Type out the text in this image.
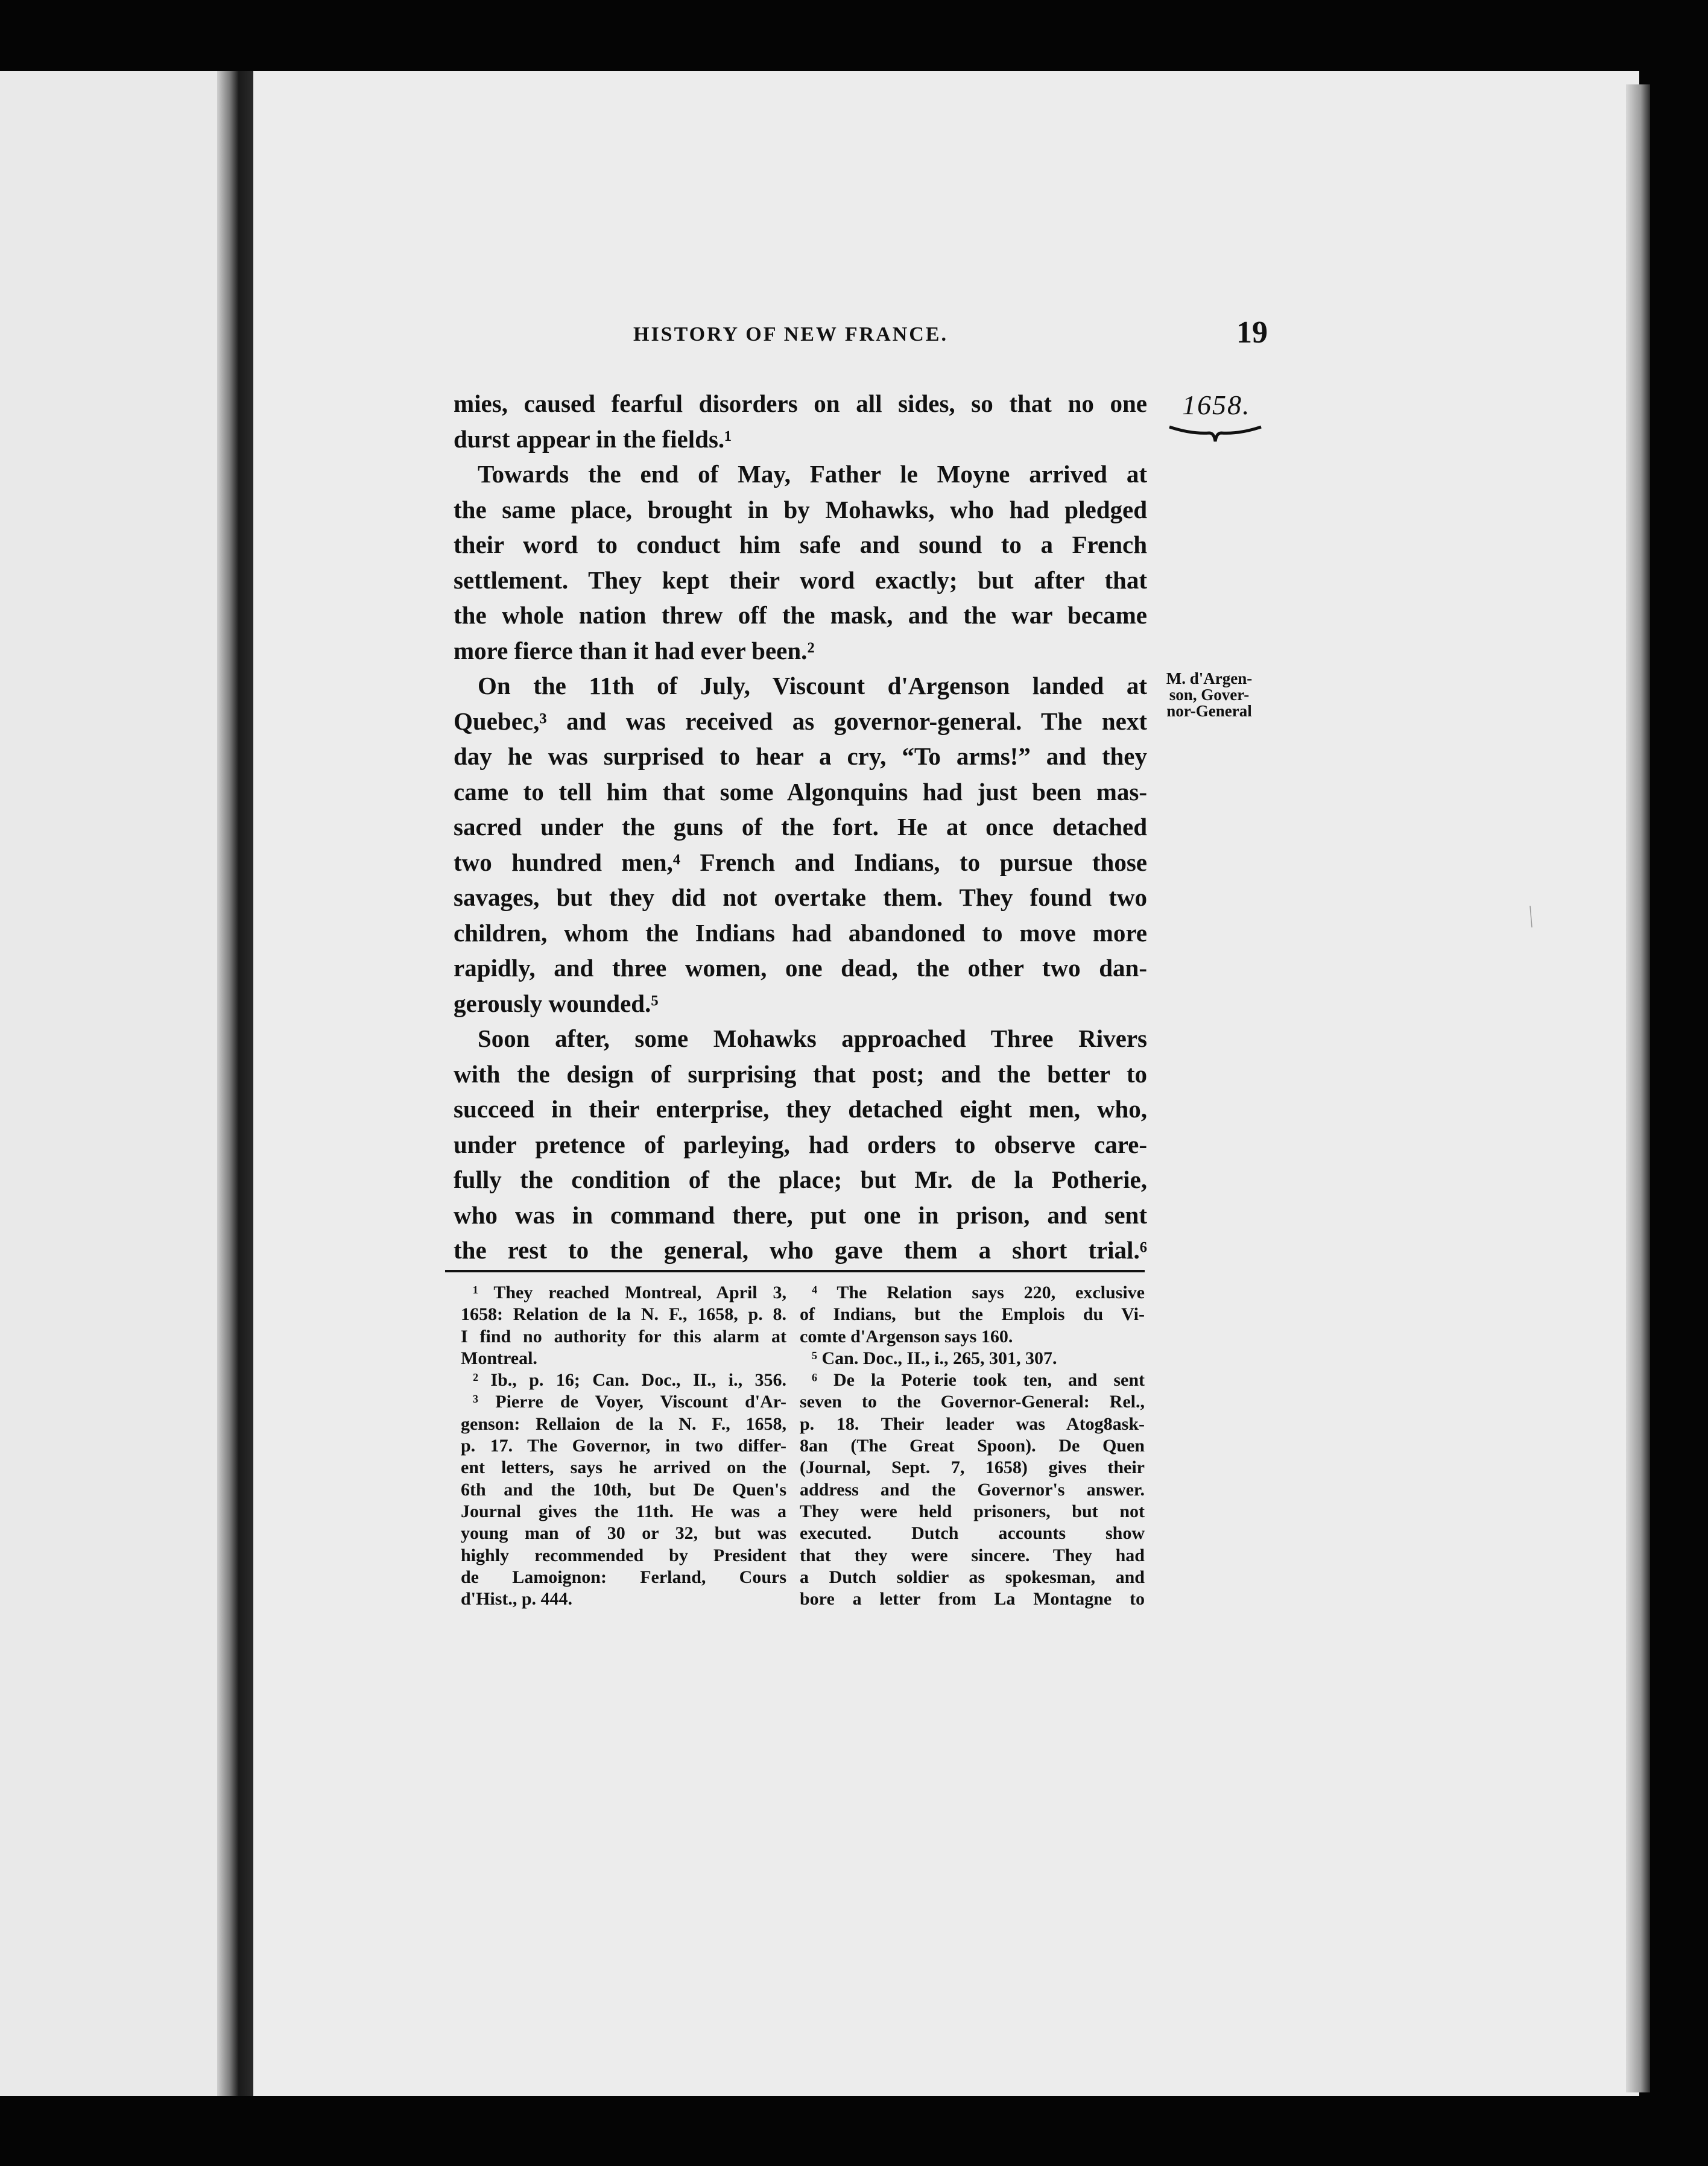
HISTORY OF NEW FRANCE.	19
1658.
M. d'Argen-
son, Gover-
nor-General
mies, caused fearful disorders on all sides, so that no one
durst appear in the fields.¹
Towards the end of May, Father le Moyne arrived at
the same place, brought in by Mohawks, who had pledged
their word to conduct him safe and sound to a French
settlement. They kept their word exactly; but after that
the whole nation threw off the mask, and the war became
more fierce than it had ever been.²
On the 11th of July, Viscount d'Argenson landed at
Quebec,³ and was received as governor-general. The next
day he was surprised to hear a cry, “To arms!” and they
came to tell him that some Algonquins had just been mas-
sacred under the guns of the fort. He at once detached
two hundred men,⁴ French and Indians, to pursue those
savages, but they did not overtake them. They found two
children, whom the Indians had abandoned to move more
rapidly, and three women, one dead, the other two dan-
gerously wounded.⁵
Soon after, some Mohawks approached Three Rivers
with the design of surprising that post; and the better to
succeed in their enterprise, they detached eight men, who,
under pretence of parleying, had orders to observe care-
fully the condition of the place; but Mr. de la Potherie,
who was in command there, put one in prison, and sent
the rest to the general, who gave them a short trial.⁶
¹ They reached Montreal, April 3,
1658: Relation de la N. F., 1658, p. 8.
I find no authority for this alarm at
Montreal.
² Ib., p. 16; Can. Doc., II., i., 356.
³ Pierre de Voyer, Viscount d'Ar-
genson: Rellaion de la N. F., 1658,
p. 17. The Governor, in two differ-
ent letters, says he arrived on the
6th and the 10th, but De Quen's
Journal gives the 11th. He was a
young man of 30 or 32, but was
highly recommended by President
de Lamoignon: Ferland, Cours
d'Hist., p. 444.
⁴ The Relation says 220, exclusive
of Indians, but the Emplois du Vi-
comte d'Argenson says 160.
⁵ Can. Doc., II., i., 265, 301, 307.
⁶ De la Poterie took ten, and sent
seven to the Governor-General: Rel.,
p. 18. Their leader was Atog8ask-
8an (The Great Spoon). De Quen
(Journal, Sept. 7, 1658) gives their
address and the Governor's answer.
They were held prisoners, but not
executed. Dutch accounts show
that they were sincere. They had
a Dutch soldier as spokesman, and
bore a letter from La Montagne to
